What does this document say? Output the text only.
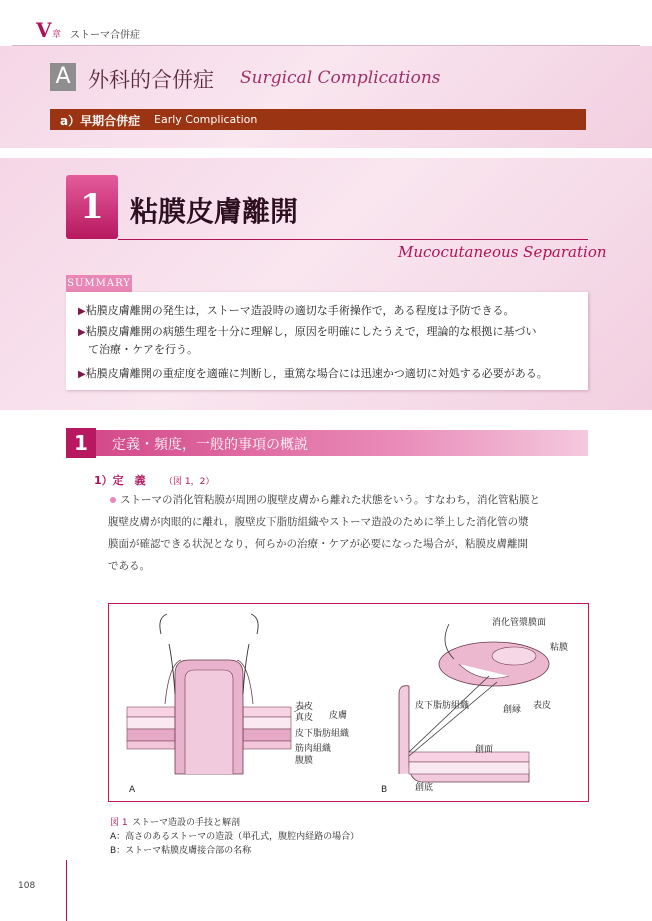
V 章 ストーマ合併症
A 外科的合併症 Surgical Complications
a）早期合併症 Early Complication
1 粘膜皮膚離開
Mucocutaneous Separation
SUMMARY
▶粘膜皮膚離開の発生は，ストーマ造設時の適切な手術操作で，ある程度は予防できる。
▶粘膜皮膚離開の病態生理を十分に理解し，原因を明確にしたうえで，理論的な根拠に基づい
て治療・ケアを行う。
▶粘膜皮膚離開の重症度を適確に判断し，重篤な場合には迅速かつ適切に対処する必要がある。
1	定義・頻度，一般的事項の概説
1）定　義 （図 1，2）
ストーマの消化管粘膜が周囲の腹壁皮膚から離れた状態をいう。すなわち，消化管粘膜と
腹壁皮膚が肉眼的に離れ，腹壁皮下脂肪組織やストーマ造設のために挙上した消化管の漿
膜面が確認できる状況となり，何らかの治療・ケアが必要になった場合が，粘膜皮膚離開
である。
表皮
真皮 皮膚
皮下脂肪組織
筋肉組織
腹膜
A
消化管漿膜面
粘膜
皮下脂肪組織	創縁 表皮
創面
創底
B
図 1 ストーマ造設の手技と解剖
A：高さのあるストーマの造設（単孔式，腹腔内経路の場合）
B：ストーマ粘膜皮膚接合部の名称
108
